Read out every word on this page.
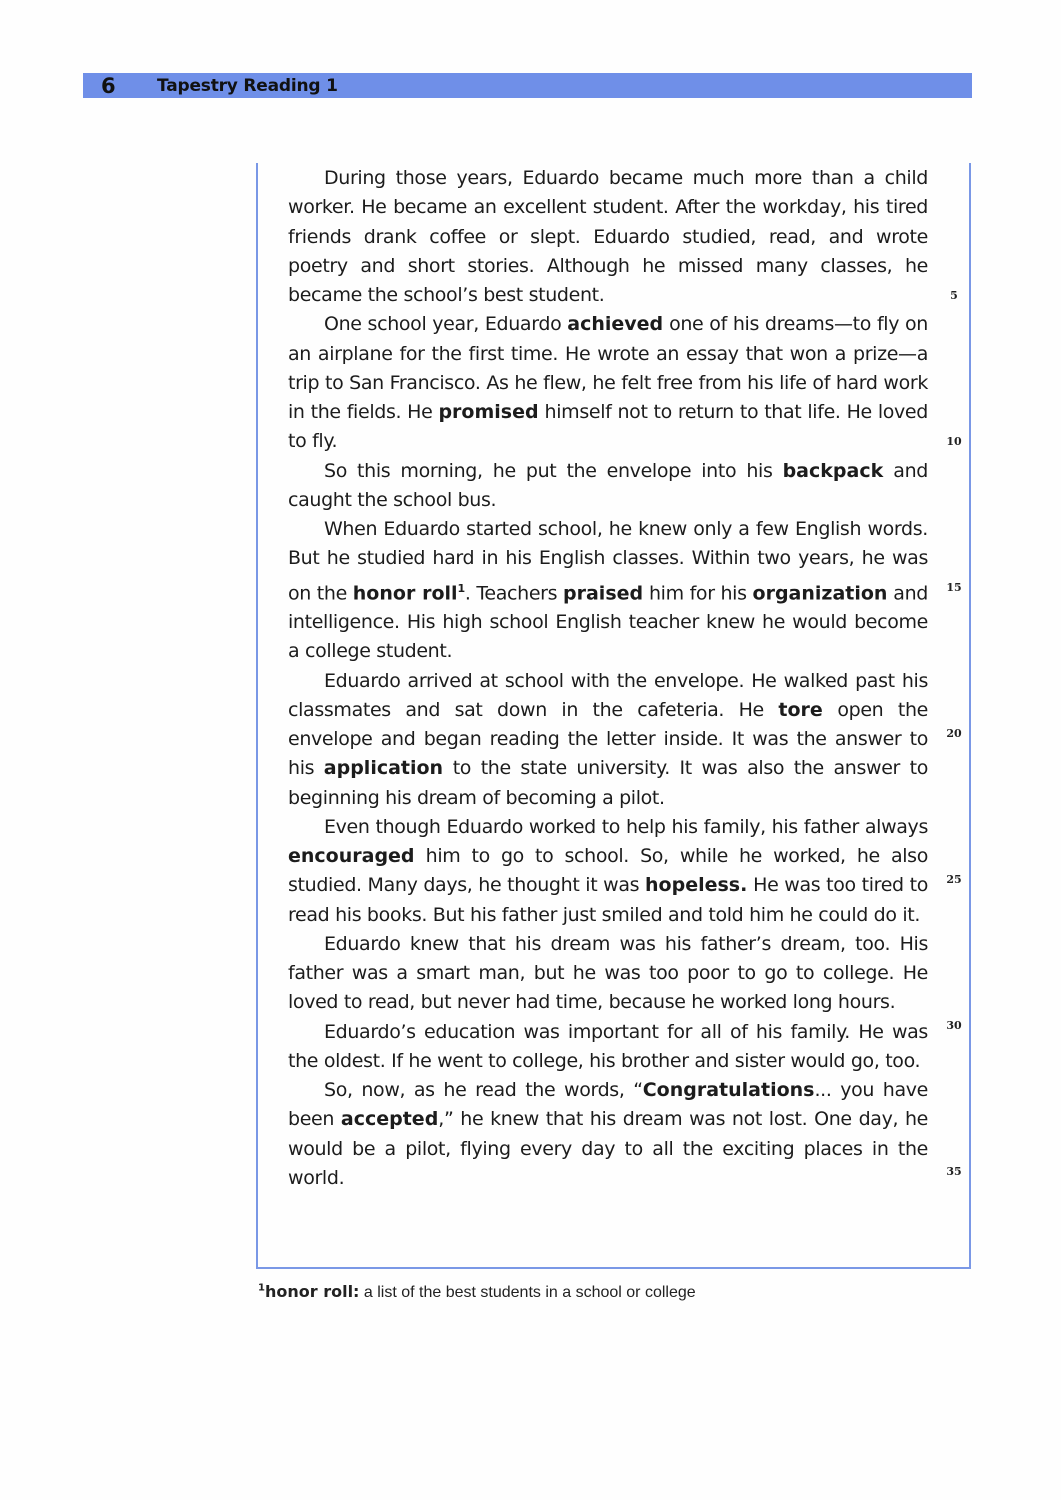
6 Tapestry Reading 1

During those years, Eduardo became much more than a child worker. He became an excellent student. After the workday, his tired friends drank coffee or slept. Eduardo studied, read, and wrote poetry and short stories. Although he missed many classes, he became the school’s best student.

One school year, Eduardo achieved one of his dreams—to fly on an airplane for the first time. He wrote an essay that won a prize—a trip to San Francisco. As he flew, he felt free from his life of hard work in the fields. He promised himself not to return to that life. He loved to fly.

So this morning, he put the envelope into his backpack and caught the school bus.

When Eduardo started school, he knew only a few English words. But he studied hard in his English classes. Within two years, he was on the honor roll$^1$. Teachers praised him for his organization and intelligence. His high school English teacher knew he would become a college student.

Eduardo arrived at school with the envelope. He walked past his classmates and sat down in the cafeteria. He tore open the envelope and began reading the letter inside. It was the answer to his application to the state university. It was also the answer to beginning his dream of becoming a pilot.

Even though Eduardo worked to help his family, his father always encouraged him to go to school. So, while he worked, he also studied. Many days, he thought it was hopeless. He was too tired to read his books. But his father just smiled and told him he could do it.

Eduardo knew that his dream was his father’s dream, too. His father was a smart man, but he was too poor to go to college. He loved to read, but never had time, because he worked long hours.

Eduardo’s education was important for all of his family. He was the oldest. If he went to college, his brother and sister would go, too.

So, now, as he read the words, “Congratulations... you have been accepted,” he knew that his dream was not lost. One day, he would be a pilot, flying every day to all the exciting places in the world.

5
10
15
20
25
30
35
$^1$honor roll: a list of the best students in a school or college
